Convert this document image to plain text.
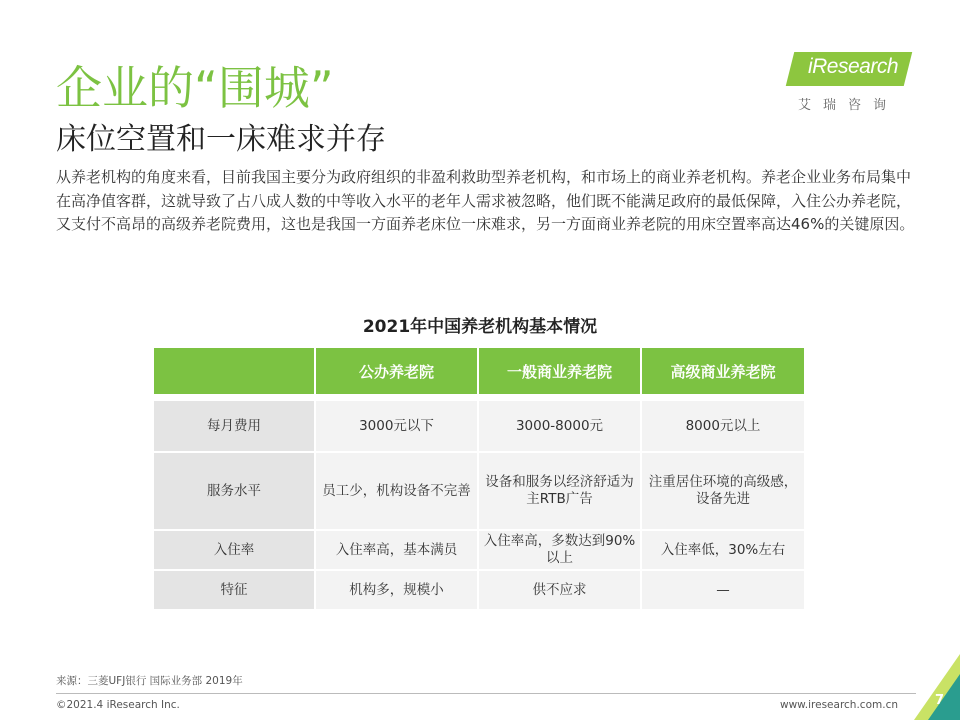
企业的“围城”
床位空置和一床难求并存
iResearch
艾瑞咨询

从养老机构的角度来看，目前我国主要分为政府组织的非盈利救助型养老机构，和市场上的商业养老机构。养老企业业务布局集中在高净值客群，这就导致了占八成人数的中等收入水平的老年人需求被忽略，他们既不能满足政府的最低保障，入住公办养老院，又支付不高昂的高级养老院费用，这也是我国一方面养老床位一床难求，另一方面商业养老院的用床空置率高达46%的关键原因。

2021年中国养老机构基本情况
	公办养老院	一般商业养老院	高级商业养老院

每月费用	3000元以下	3000-8000元	8000元以上
服务水平	员工少，机构设备不完善	设备和服务以经济舒适为主RTB广告	注重居住环境的高级感，设备先进
入住率	入住率高，基本满员	入住率高，多数达到90%以上	入住率低，30%左右
特征	机构多，规模小	供不应求	—
来源：三菱UFJ银行 国际业务部 2019年
©2021.4 iResearch Inc.	www.iresearch.com.cn	7
